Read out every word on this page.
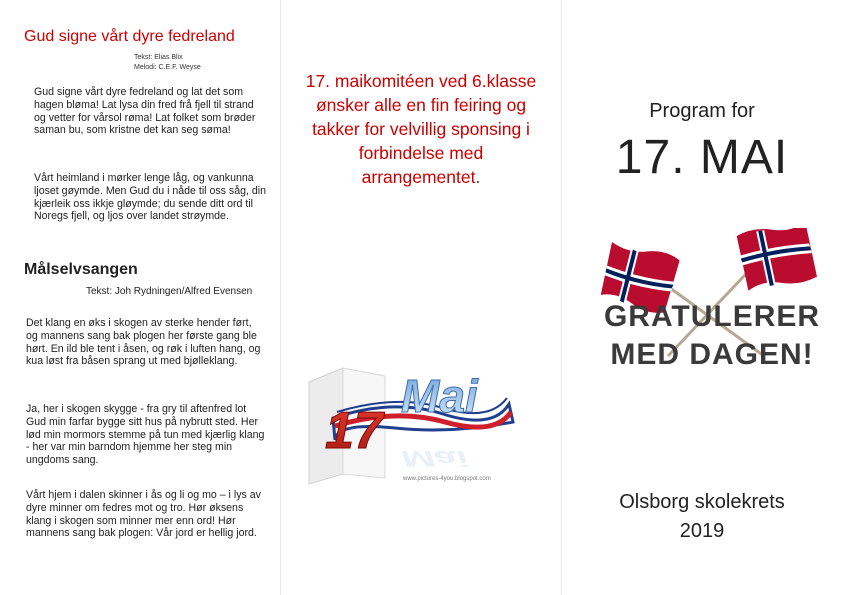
Gud signe vårt dyre fedreland
Tekst: Elias Blix
Melodi: C.E.F. Weyse

Gud signe vårt dyre fedreland og lat det som hagen bløma! Lat lysa din fred frå fjell til strand og vetter for vårsol røma! Lat folket som brøder saman bu, som kristne det kan seg søma!

Vårt heimland i mørker lenge låg, og vankunna ljoset gøymde. Men Gud du i nåde til oss såg, din kjærleik oss ikkje gløymde; du sende ditt ord til Noregs fjell, og ljos over landet strøymde.

Målselvsangen
Tekst: Joh Rydningen/Alfred Evensen

Det klang en øks i skogen av sterke hender ført, og mannens sang bak plogen her første gang ble hørt. En ild ble tent i åsen, og røk i luften hang, og kua løst fra båsen sprang ut med bjølleklang.

Ja, her i skogen skygge - fra gry til aftenfred lot Gud min farfar bygge sitt hus på nybrutt sted. Her lød min mormors stemme på tun med kjærlig klang - her var min barndom hjemme her steg min ungdoms sang.

Vårt hjem i dalen skinner i ås og li og mo – i lys av dyre minner om fedres mot og tro. Hør øksens klang i skogen som minner mer enn ord! Hør mannens sang bak plogen: Vår jord er hellig jord.

17. maikomitéen ved 6.klasse ønsker alle en fin feiring og takker for velvillig sponsing i forbindelse med arrangementet.

17
Mai
Mai
www.pictures-4you.blogspot.com
Program for
17. MAI
GRATULERER
MED DAGEN!
Olsborg skolekrets
2019
